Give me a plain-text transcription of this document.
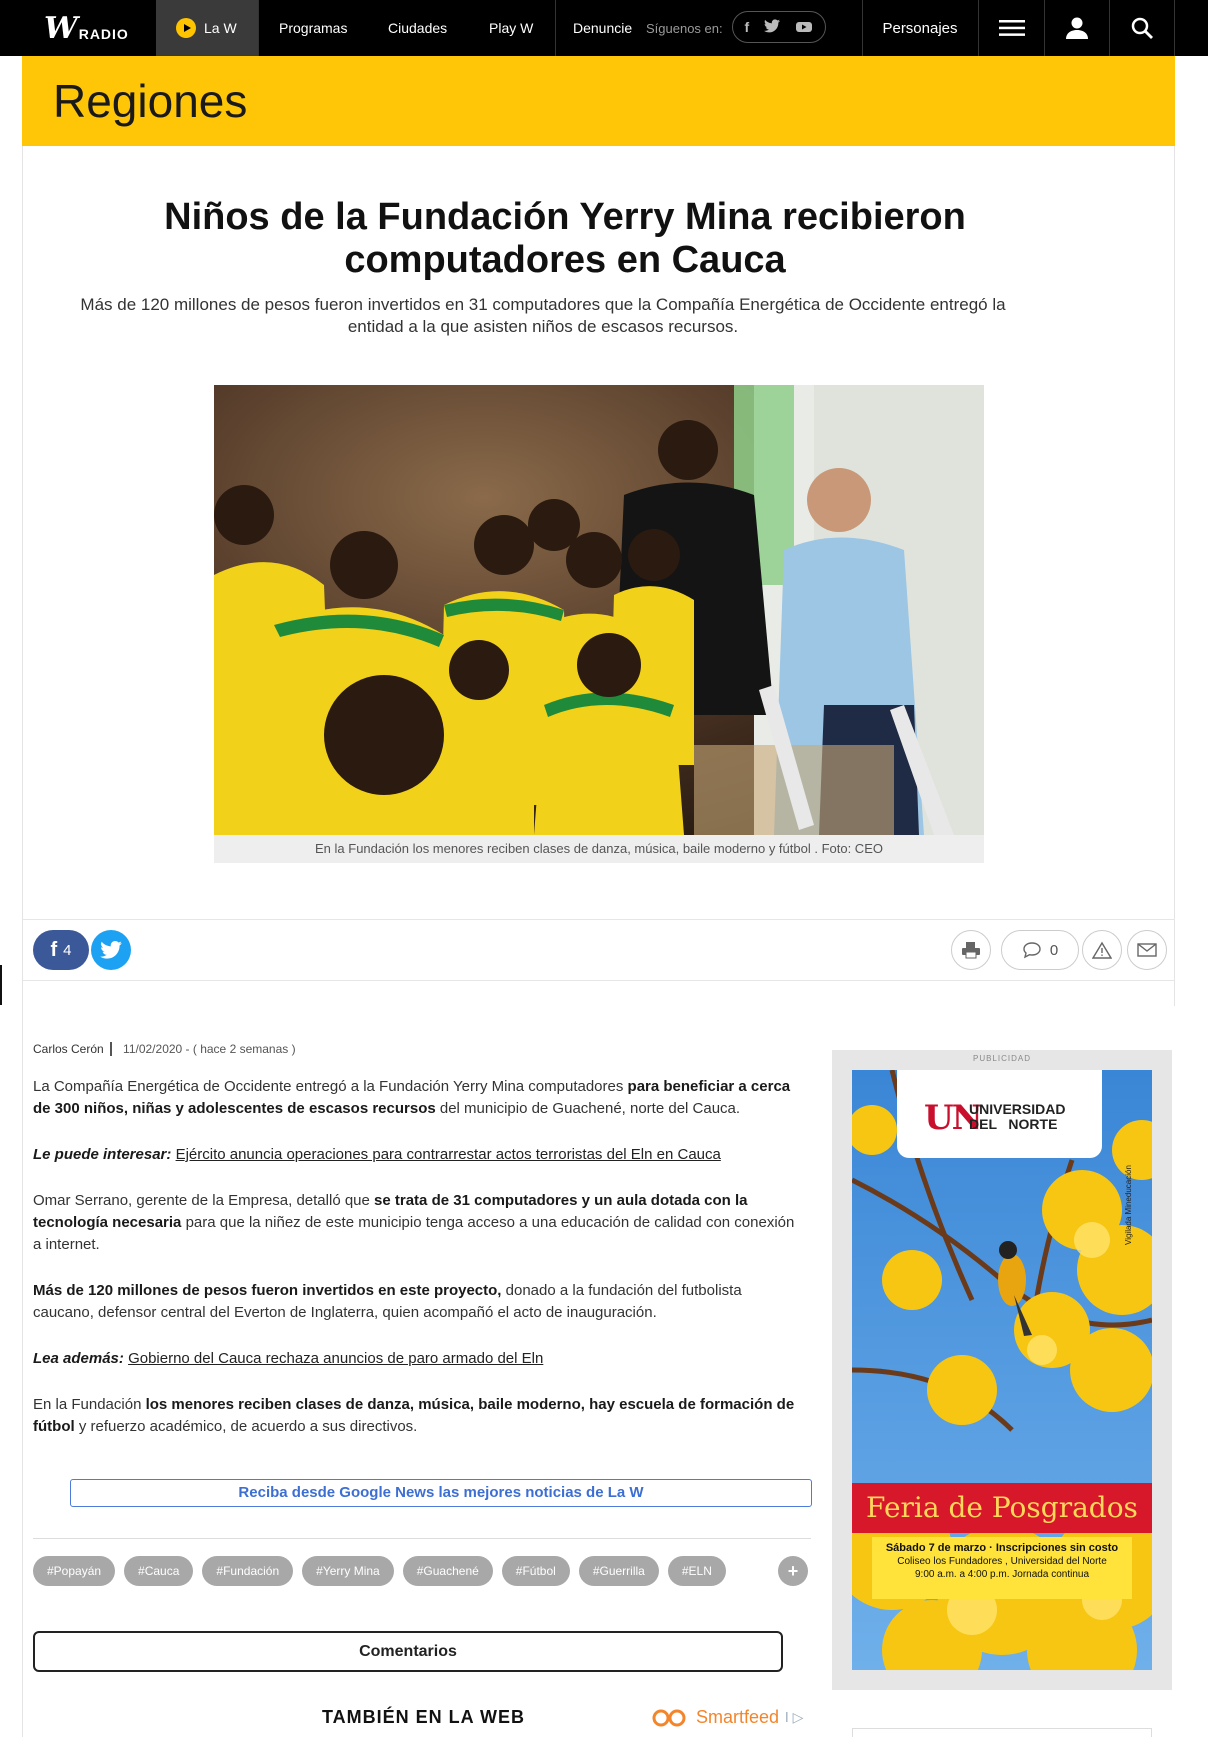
W RADIO	La W	Programas	Ciudades	Play W	Denuncie Síguenos en: f	Personajes
Regiones
Niños de la Fundación Yerry Mina recibieron computadores en Cauca

Más de 120 millones de pesos fueron invertidos en 31 computadores que la Compañía Energética de Occidente entregó la entidad a la que asisten niños de escasos recursos.

En la Fundación los menores reciben clases de danza, música, baile moderno y fútbol . Foto: CEO
f 4	0
Carlos Cerón 11/02/2020 - ( hace 2 semanas )

La Compañía Energética de Occidente entregó a la Fundación Yerry Mina computadores para beneficiar a cerca de 300 niños, niñas y adolescentes de escasos recursos del municipio de Guachené, norte del Cauca.

Le puede interesar: Ejército anuncia operaciones para contrarrestar actos terroristas del Eln en Cauca

Omar Serrano, gerente de la Empresa, detalló que se trata de 31 computadores y un aula dotada con la tecnología necesaria para que la niñez de este municipio tenga acceso a una educación de calidad con conexión a internet.

Más de 120 millones de pesos fueron invertidos en este proyecto, donado a la fundación del futbolista caucano, defensor central del Everton de Inglaterra, quien acompañó el acto de inauguración.

Lea además: Gobierno del Cauca rechaza anuncios de paro armado del Eln

En la Fundación los menores reciben clases de danza, música, baile moderno, hay escuela de formación de fútbol y refuerzo académico, de acuerdo a sus directivos.

Reciba desde Google News las mejores noticias de La W
#Popayán	#Cauca	#Fundación	#Yerry Mina	#Guachené	#Fútbol	#Guerrilla	#ELN	+
Comentarios
TAMBIÉN EN LA WEB	Smartfeed ǀ ▷
PUBLICIDAD
UN
UNIVERSIDAD
DEL   NORTE
Vigilada Mineducación
Feria de Posgrados
Sábado 7 de marzo · Inscripciones sin costo
Coliseo los Fundadores , Universidad del Norte
9:00 a.m. a 4:00 p.m. Jornada continua
